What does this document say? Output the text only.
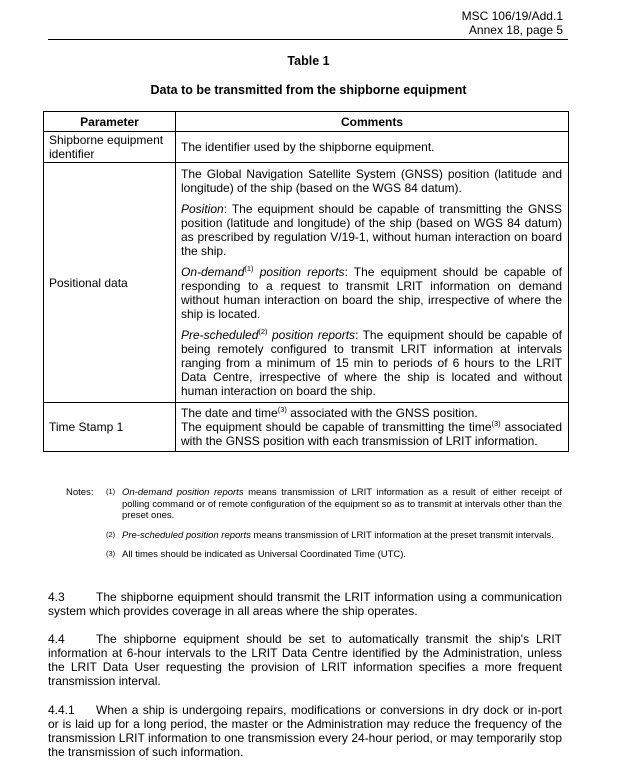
MSC 106/19/Add.1
Annex 18, page 5
Table 1
Data to be transmitted from the shipborne equipment
Parameter	Comments
Shipborne equipment identifier	The identifier used by the shipborne equipment.
Positional data	The Global Navigation Satellite System (GNSS) position (latitude and longitude) of the ship (based on the WGS 84 datum).

Position: The equipment should be capable of transmitting the GNSS position (latitude and longitude) of the ship (based on WGS 84 datum) as prescribed by regulation V/19-1, without human interaction on board the ship.

On-demand$^{(1)}$ position reports: The equipment should be capable of responding to a request to transmit LRIT information on demand without human interaction on board the ship, irrespective of where the ship is located.

Pre-scheduled$^{(2)}$ position reports: The equipment should be capable of being remotely configured to transmit LRIT information at intervals ranging from a minimum of 15 min to periods of 6 hours to the LRIT Data Centre, irrespective of where the ship is located and without human interaction on board the ship.

Time Stamp 1	The date and time$^{(3)}$ associated with the GNSS position.
The equipment should be capable of transmitting the time$^{(3)}$ associated with the GNSS position with each transmission of LRIT information.
Notes: (1) On-demand position reports means transmission of LRIT information as a result of either receipt of polling command or of remote configuration of the equipment so as to transmit at intervals other than the preset ones.
(2) Pre-scheduled position reports means transmission of LRIT information at the preset transmit intervals.
(3) All times should be indicated as Universal Coordinated Time (UTC).
4.3	The shipborne equipment should transmit the LRIT information using a communication system which provides coverage in all areas where the ship operates.
4.4	The shipborne equipment should be set to automatically transmit the ship's LRIT information at 6-hour intervals to the LRIT Data Centre identified by the Administration, unless the LRIT Data User requesting the provision of LRIT information specifies a more frequent transmission interval.
4.4.1 When a ship is undergoing repairs, modifications or conversions in dry dock or in-port or is laid up for a long period, the master or the Administration may reduce the frequency of the transmission LRIT information to one transmission every 24-hour period, or may temporarily stop the transmission of such information.
